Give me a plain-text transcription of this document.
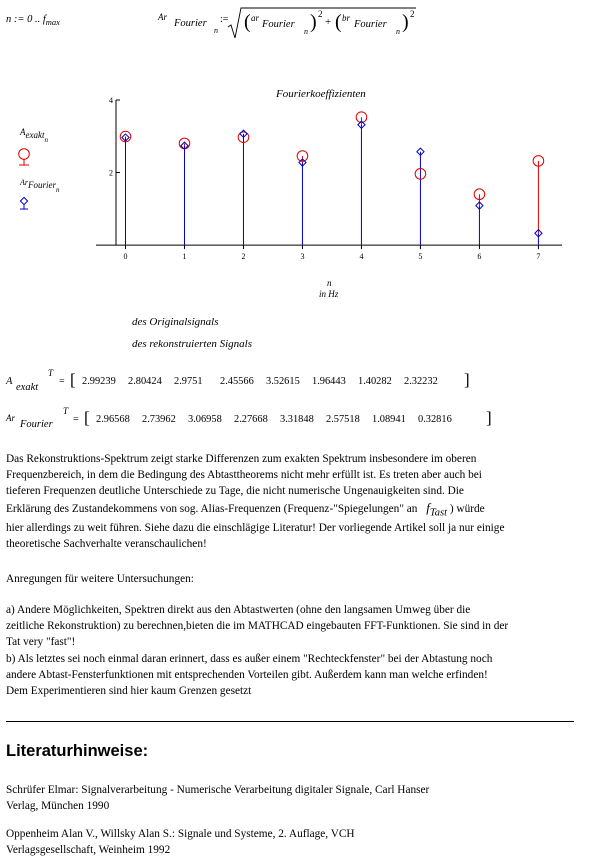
n := 0 .. $f_{max}$
Ar
Fourier
n
:= ( ar
Fourier
n ) 2
+ ( br
Fourier
n ) 2
Fourierkoeffizienten
2
4
0	1	2	3	4	5	6	7
n
in Hz
$A_{exaktn}$
$Ar_{Fouriern}$
des Originalsignals
des rekonstruierten Signals
A
exakt
T
= [ 2.99239 2.80424 2.9751 2.45566 3.52615 1.96443 1.40282 2.32232	]
Ar
Fourier
T
= [ 2.96568 2.73962 3.06958 2.27668 3.31848 2.57518 1.08941 0.32816	]
Das Rekonstruktions-Spektrum zeigt starke Differenzen zum exakten Spektrum insbesondere im oberen
Frequenzbereich, in dem die Bedingung des Abtasttheorems nicht mehr erfüllt ist. Es treten aber auch bei
tieferen Frequenzen deutliche Unterschiede zu Tage, die nicht numerische Ungenauigkeiten sind. Die
Erklärung des Zustandekommens von sog. Alias-Frequenzen (Frequenz-"Spiegelungen" an $f_{Tast}$ ) würde
hier allerdings zu weit führen. Siehe dazu die einschlägige Literatur! Der vorliegende Artikel soll ja nur einige
theoretische Sachverhalte veranschaulichen!
Anregungen für weitere Untersuchungen:
a) Andere Möglichkeiten, Spektren direkt aus den Abtastwerten (ohne den langsamen Umweg über die
zeitliche Rekonstruktion) zu berechnen,bieten die im MATHCAD eingebauten FFT-Funktionen. Sie sind in der
Tat very "fast"!
b) Als letztes sei noch einmal daran erinnert, dass es außer einem "Rechteckfenster" bei der Abtastung noch
andere Abtast-Fensterfunktionen mit entsprechenden Vorteilen gibt. Außerdem kann man welche erfinden!
Dem Experimentieren sind hier kaum Grenzen gesetzt
Literaturhinweise:
Schrüfer Elmar: Signalverarbeitung - Numerische Verarbeitung digitaler Signale, Carl Hanser
Verlag, München 1990
Oppenheim Alan V., Willsky Alan S.: Signale und Systeme, 2. Auflage, VCH
Verlagsgesellschaft, Weinheim 1992
